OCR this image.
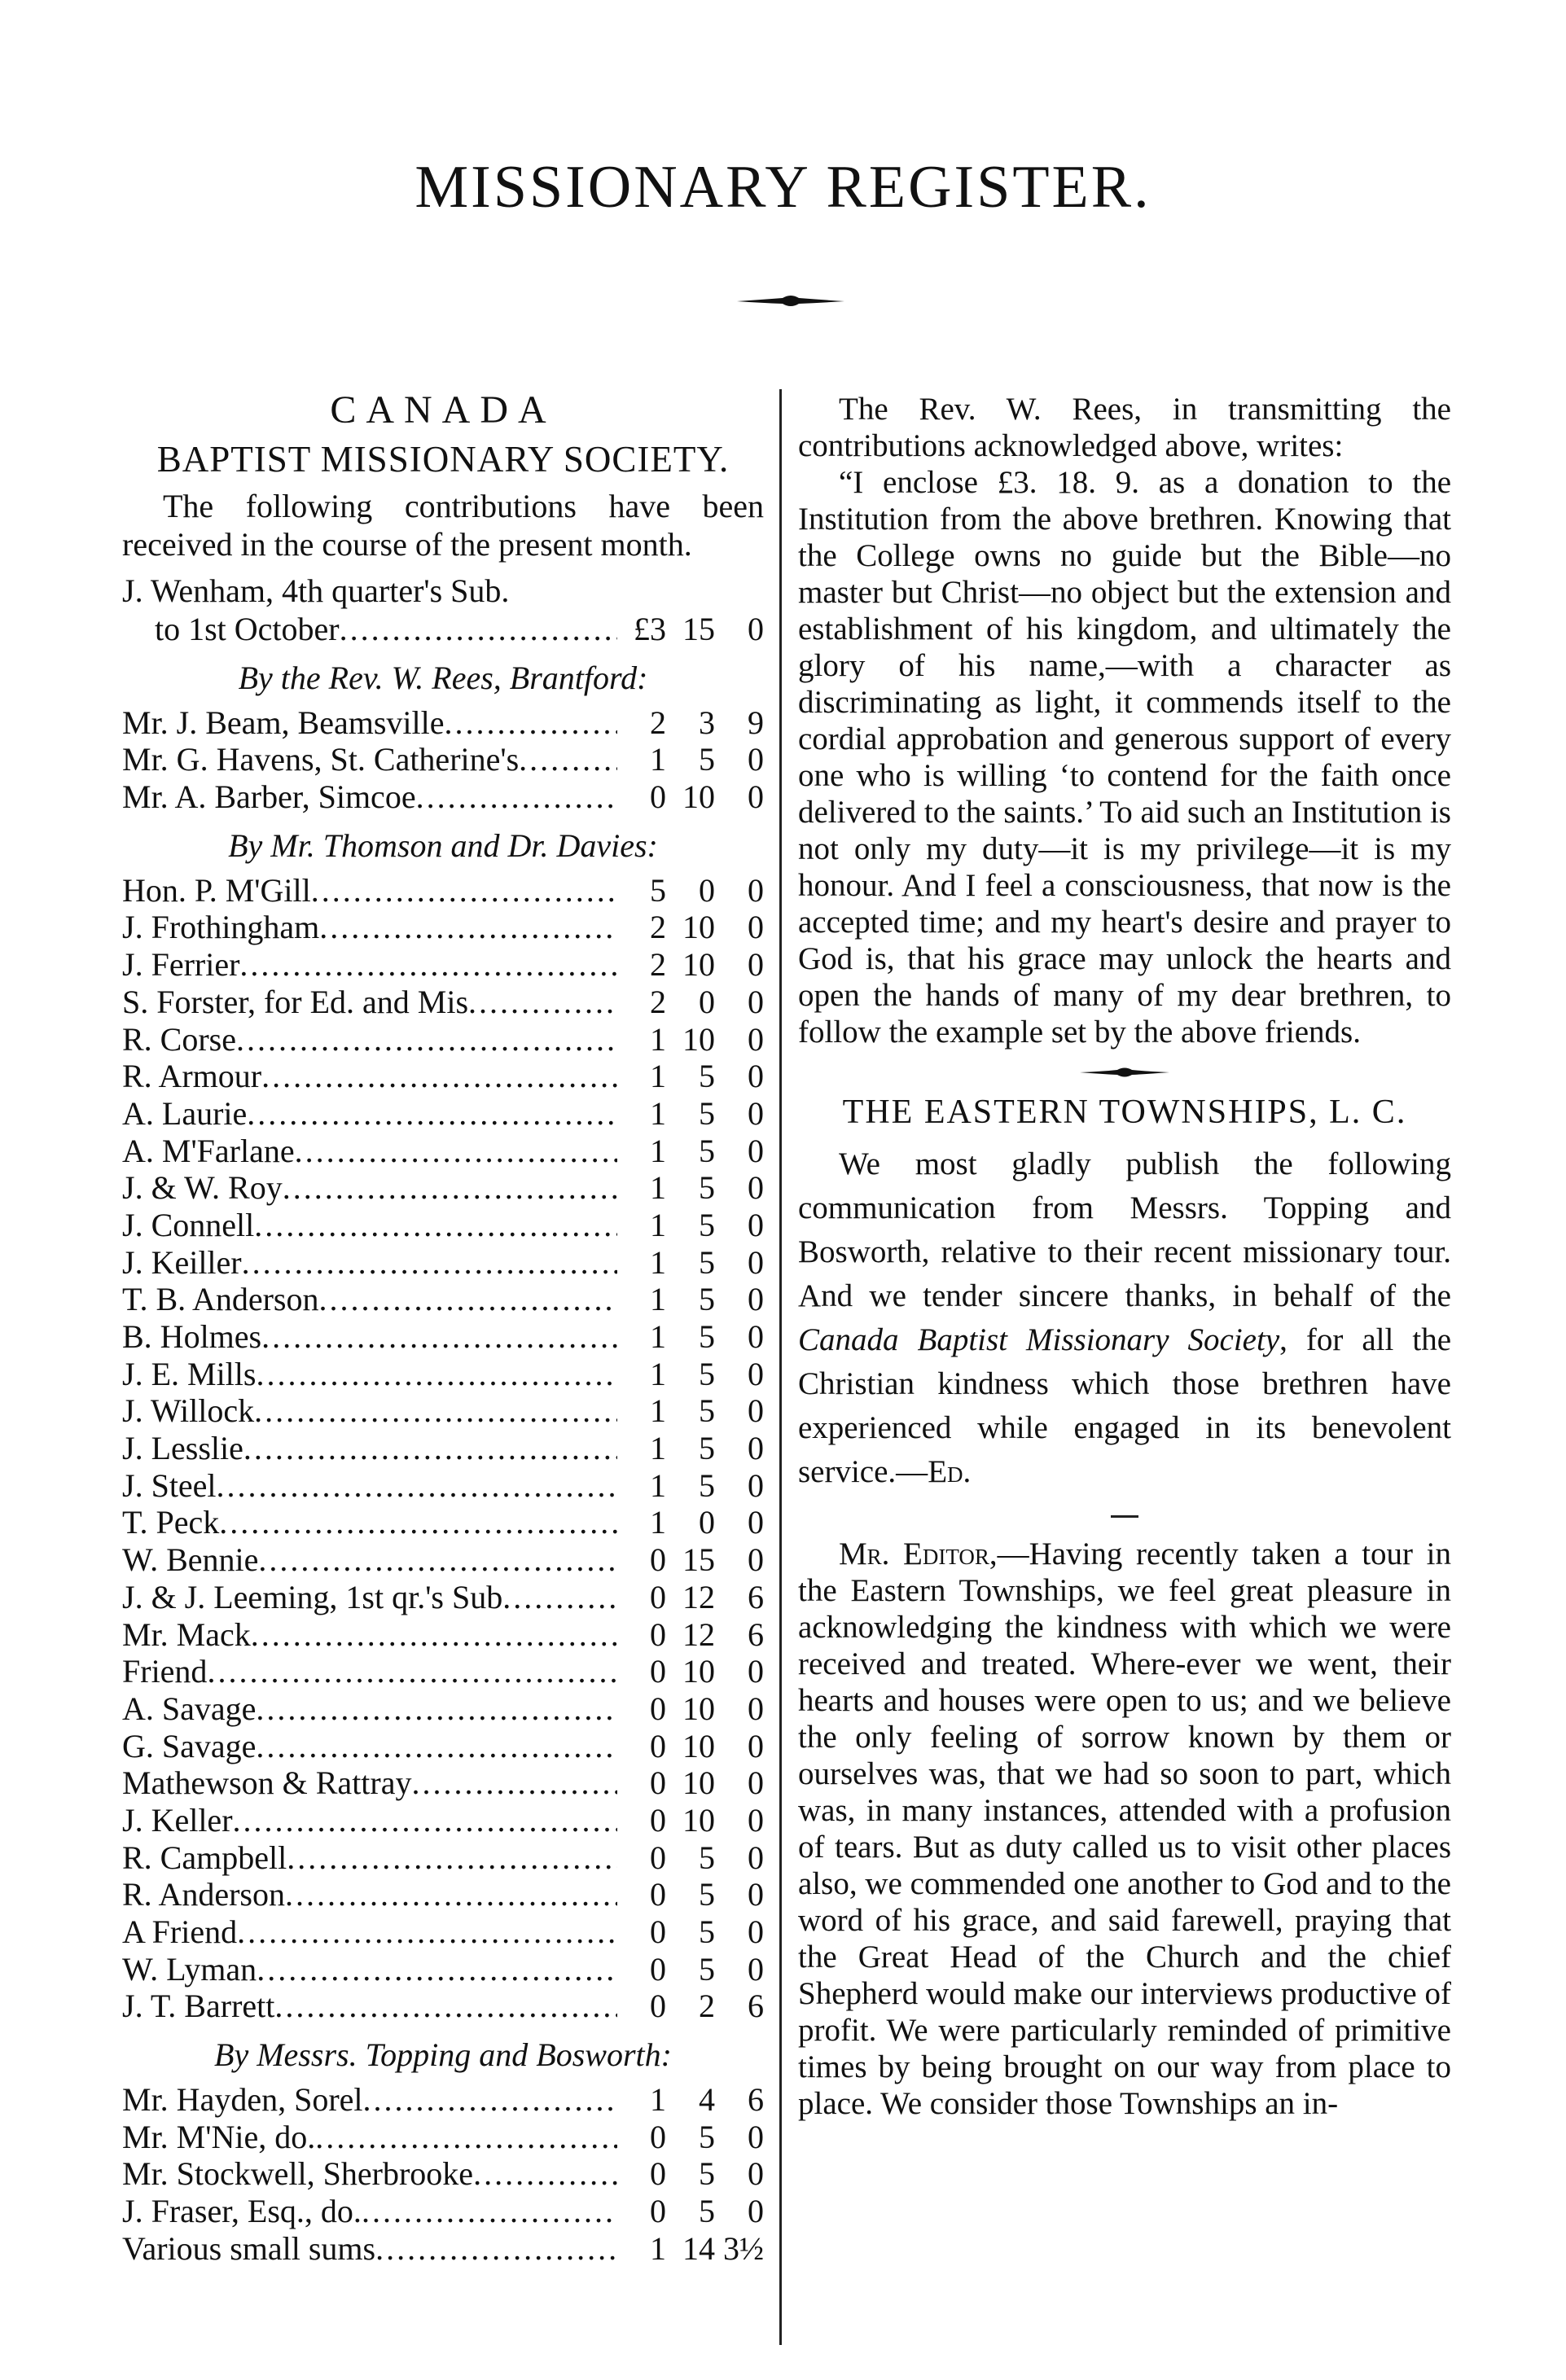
MISSIONARY REGISTER.
CANADA
BAPTIST MISSIONARY SOCIETY.
The following contributions have been received in the course of the present month.
J. Wenham, 4th quarter's Sub.
to 1st October .....	£3 15	0
By the Rev. W. Rees, Brantford:
Mr. J. Beam, Beamsville .....	2	3	9
Mr. G. Havens, St. Catherine's .....	1	5	0
Mr. A. Barber, Simcoe .....	0 10	0
By Mr. Thomson and Dr. Davies:
Hon. P. M'Gill .....	5	0	0
J. Frothingham .....	2 10	0
J. Ferrier .....	2 10	0
S. Forster, for Ed. and Mis .....	2	0	0
R. Corse .....	1 10	0
R. Armour .....	1	5	0
A. Laurie .....	1	5	0
A. M'Farlane .....	1	5	0
J. & W. Roy .....	1	5	0
J. Connell .....	1	5	0
J. Keiller .....	1	5	0
T. B. Anderson .....	1	5	0
B. Holmes .....	1	5	0
J. E. Mills .....	1	5	0
J. Willock .....	1	5	0
J. Lesslie .....	1	5	0
J. Steel .....	1	5	0
T. Peck .....	1	0	0
W. Bennie .....	0 15	0
J. & J. Leeming, 1st qr.'s Sub .....	0 12	6
Mr. Mack .....	0 12	6
Friend .....	0 10	0
A. Savage .....	0 10	0
G. Savage .....	0 10	0
Mathewson & Rattray .....	0 10	0
J. Keller .....	0 10	0
R. Campbell .....	0	5	0
R. Anderson .....	0	5	0
A Friend .....	0	5	0
W. Lyman .....	0	5	0
J. T. Barrett .....	0	2	6
By Messrs. Topping and Bosworth:
Mr. Hayden, Sorel .....	1	4	6
Mr. M'Nie, do. .....	0	5	0
Mr. Stockwell, Sherbrooke .....	0	5	0
J. Fraser, Esq., do. .....	0	5	0
Various small sums .....	1 14 3½

The Rev. W. Rees, in transmitting the contributions acknowledged above, writes:

“I enclose £3. 18. 9. as a donation to the Institution from the above brethren. Knowing that the College owns no guide but the Bible—no master but Christ—no object but the extension and establishment of his kingdom, and ultimately the glory of his name,—with a character as discriminating as light, it commends itself to the cordial approbation and generous support of every one who is willing ‘to contend for the faith once delivered to the saints.’ To aid such an Institution is not only my duty—it is my privilege—it is my honour. And I feel a consciousness, that now is the accepted time; and my heart's desire and prayer to God is, that his grace may unlock the hearts and open the hands of many of my dear brethren, to follow the example set by the above friends.

THE EASTERN TOWNSHIPS, L. C.

We most gladly publish the following communication from Messrs. Topping and Bosworth, relative to their recent missionary tour. And we tender sincere thanks, in behalf of the Canada Baptist Missionary Society, for all the Christian kindness which those brethren have experienced while engaged in its benevolent service.—Ed.

Mr. Editor,—Having recently taken a tour in the Eastern Townships, we feel great pleasure in acknowledging the kindness with which we were received and treated. Where-ever we went, their hearts and houses were open to us; and we believe the only feeling of sorrow known by them or ourselves was, that we had so soon to part, which was, in many instances, attended with a profusion of tears. But as duty called us to visit other places also, we commended one another to God and to the word of his grace, and said farewell, praying that the Great Head of the Church and the chief Shepherd would make our interviews productive of profit. We were particularly reminded of primitive times by being brought on our way from place to place. We consider those Townships an in-
